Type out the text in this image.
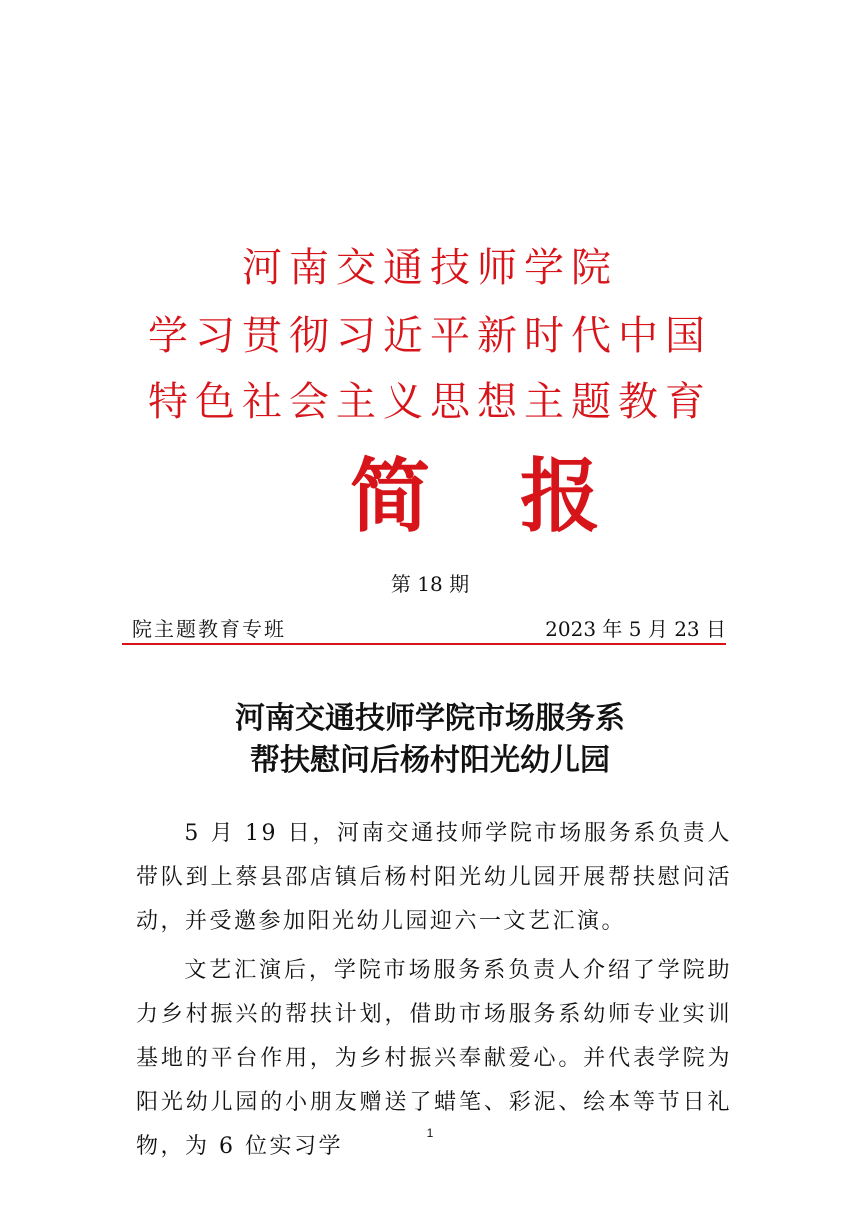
河南交通技师学院
学习贯彻习近平新时代中国
特色社会主义思想主题教育
简报
第 18 期
院主题教育专班	2023 年 5 月 23 日
河南交通技师学院市场服务系
帮扶慰问后杨村阳光幼儿园

5 月 19 日，河南交通技师学院市场服务系负责人带队到上蔡县邵店镇后杨村阳光幼儿园开展帮扶慰问活动，并受邀参加阳光幼儿园迎六一文艺汇演。

文艺汇演后，学院市场服务系负责人介绍了学院助力乡村振兴的帮扶计划，借助市场服务系幼师专业实训基地的平台作用，为乡村振兴奉献爱心。并代表学院为阳光幼儿园的小朋友赠送了蜡笔、彩泥、绘本等节日礼物，为 6 位实习学

1
